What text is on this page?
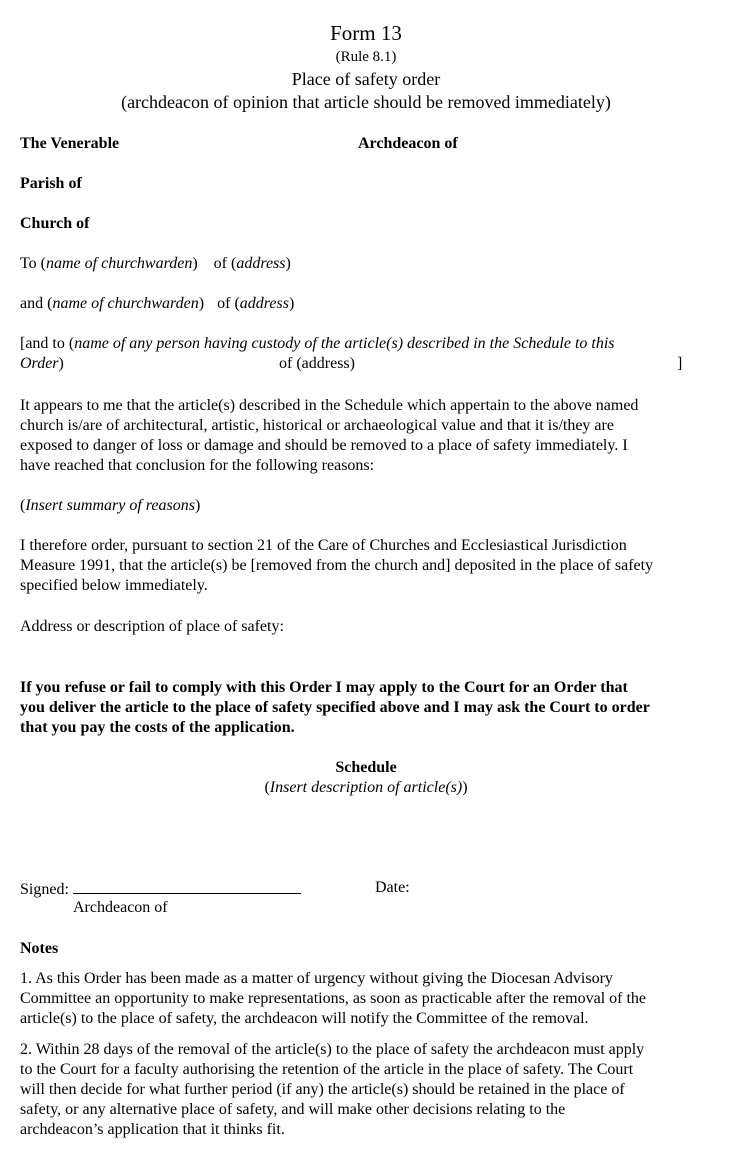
Form 13
(Rule 8.1)
Place of safety order
(archdeacon of opinion that article should be removed immediately)
The Venerable	Archdeacon of
Parish of
Church of
To (name of churchwarden) of (address)
and (name of churchwarden) of (address)
[and to (name of any person having custody of the article(s) described in the Schedule to this
Order)	of (address)	]

It appears to me that the article(s) described in the Schedule which appertain to the above named

church is/are of architectural, artistic, historical or archaeological value and that it is/they are

exposed to danger of loss or damage and should be removed to a place of safety immediately. I

have reached that conclusion for the following reasons:

(Insert summary of reasons)

I therefore order, pursuant to section 21 of the Care of Churches and Ecclesiastical Jurisdiction

Measure 1991, that the article(s) be [removed from the church and] deposited in the place of safety

specified below immediately.

Address or description of place of safety:

If you refuse or fail to comply with this Order I may apply to the Court for an Order that

you deliver the article to the place of safety specified above and I may ask the Court to order

that you pay the costs of the application.

Schedule
(Insert description of article(s))
Signed:	Date:
Archdeacon of
Notes

1. As this Order has been made as a matter of urgency without giving the Diocesan Advisory

Committee an opportunity to make representations, as soon as practicable after the removal of the

article(s) to the place of safety, the archdeacon will notify the Committee of the removal.

2. Within 28 days of the removal of the article(s) to the place of safety the archdeacon must apply

to the Court for a faculty authorising the retention of the article in the place of safety. The Court

will then decide for what further period (if any) the article(s) should be retained in the place of

safety, or any alternative place of safety, and will make other decisions relating to the

archdeacon’s application that it thinks fit.
